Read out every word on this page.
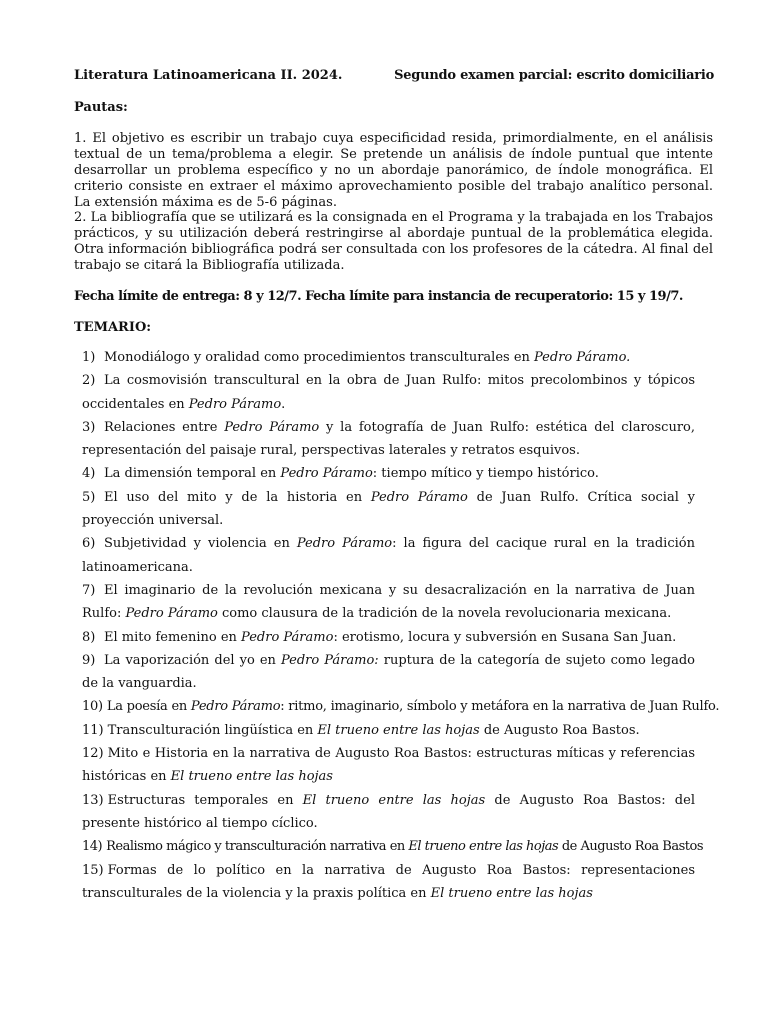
Literatura Latinoamericana II. 2024.	Segundo examen parcial: escrito domiciliario
Pautas:

1. El objetivo es escribir un trabajo cuya especificidad resida, primordialmente, en el análisis textual de un tema/problema a elegir. Se pretende un análisis de índole puntual que intente desarrollar un problema específico y no un abordaje panorámico, de índole monográfica. El criterio consiste en extraer el máximo aprovechamiento posible del trabajo analítico personal. La extensión máxima es de 5-6 páginas.

2. La bibliografía que se utilizará es la consignada en el Programa y la trabajada en los Trabajos prácticos, y su utilización deberá restringirse al abordaje puntual de la problemática elegida. Otra información bibliográfica podrá ser consultada con los profesores de la cátedra. Al final del trabajo se citará la Bibliografía utilizada.

Fecha límite de entrega: 8 y 12/7. Fecha límite para instancia de recuperatorio: 15 y 19/7.
TEMARIO:
1) Monodiálogo y oralidad como procedimientos transculturales en Pedro Páramo.
2) La cosmovisión transcultural en la obra de Juan Rulfo: mitos precolombinos y tópicos occidentales en Pedro Páramo.
3) Relaciones entre Pedro Páramo y la fotografía de Juan Rulfo: estética del claroscuro, representación del paisaje rural, perspectivas laterales y retratos esquivos.
4) La dimensión temporal en Pedro Páramo: tiempo mítico y tiempo histórico.
5) El uso del mito y de la historia en Pedro Páramo de Juan Rulfo. Crítica social y proyección universal.
6) Subjetividad y violencia en Pedro Páramo: la figura del cacique rural en la tradición latinoamericana.
7) El imaginario de la revolución mexicana y su desacralización en la narrativa de Juan Rulfo: Pedro Páramo como clausura de la tradición de la novela revolucionaria mexicana.
8) El mito femenino en Pedro Páramo: erotismo, locura y subversión en Susana San Juan.
9) La vaporización del yo en Pedro Páramo: ruptura de la categoría de sujeto como legado de la vanguardia.
10) La poesía en Pedro Páramo: ritmo, imaginario, símbolo y metáfora en la narrativa de Juan Rulfo.
11) Transculturación lingüística en El trueno entre las hojas de Augusto Roa Bastos.
12) Mito e Historia en la narrativa de Augusto Roa Bastos: estructuras míticas y referencias históricas en El trueno entre las hojas
13) Estructuras temporales en El trueno entre las hojas de Augusto Roa Bastos: del presente histórico al tiempo cíclico.
14) Realismo mágico y transculturación narrativa en El trueno entre las hojas de Augusto Roa Bastos
15) Formas de lo político en la narrativa de Augusto Roa Bastos: representaciones transculturales de la violencia y la praxis política en El trueno entre las hojas
